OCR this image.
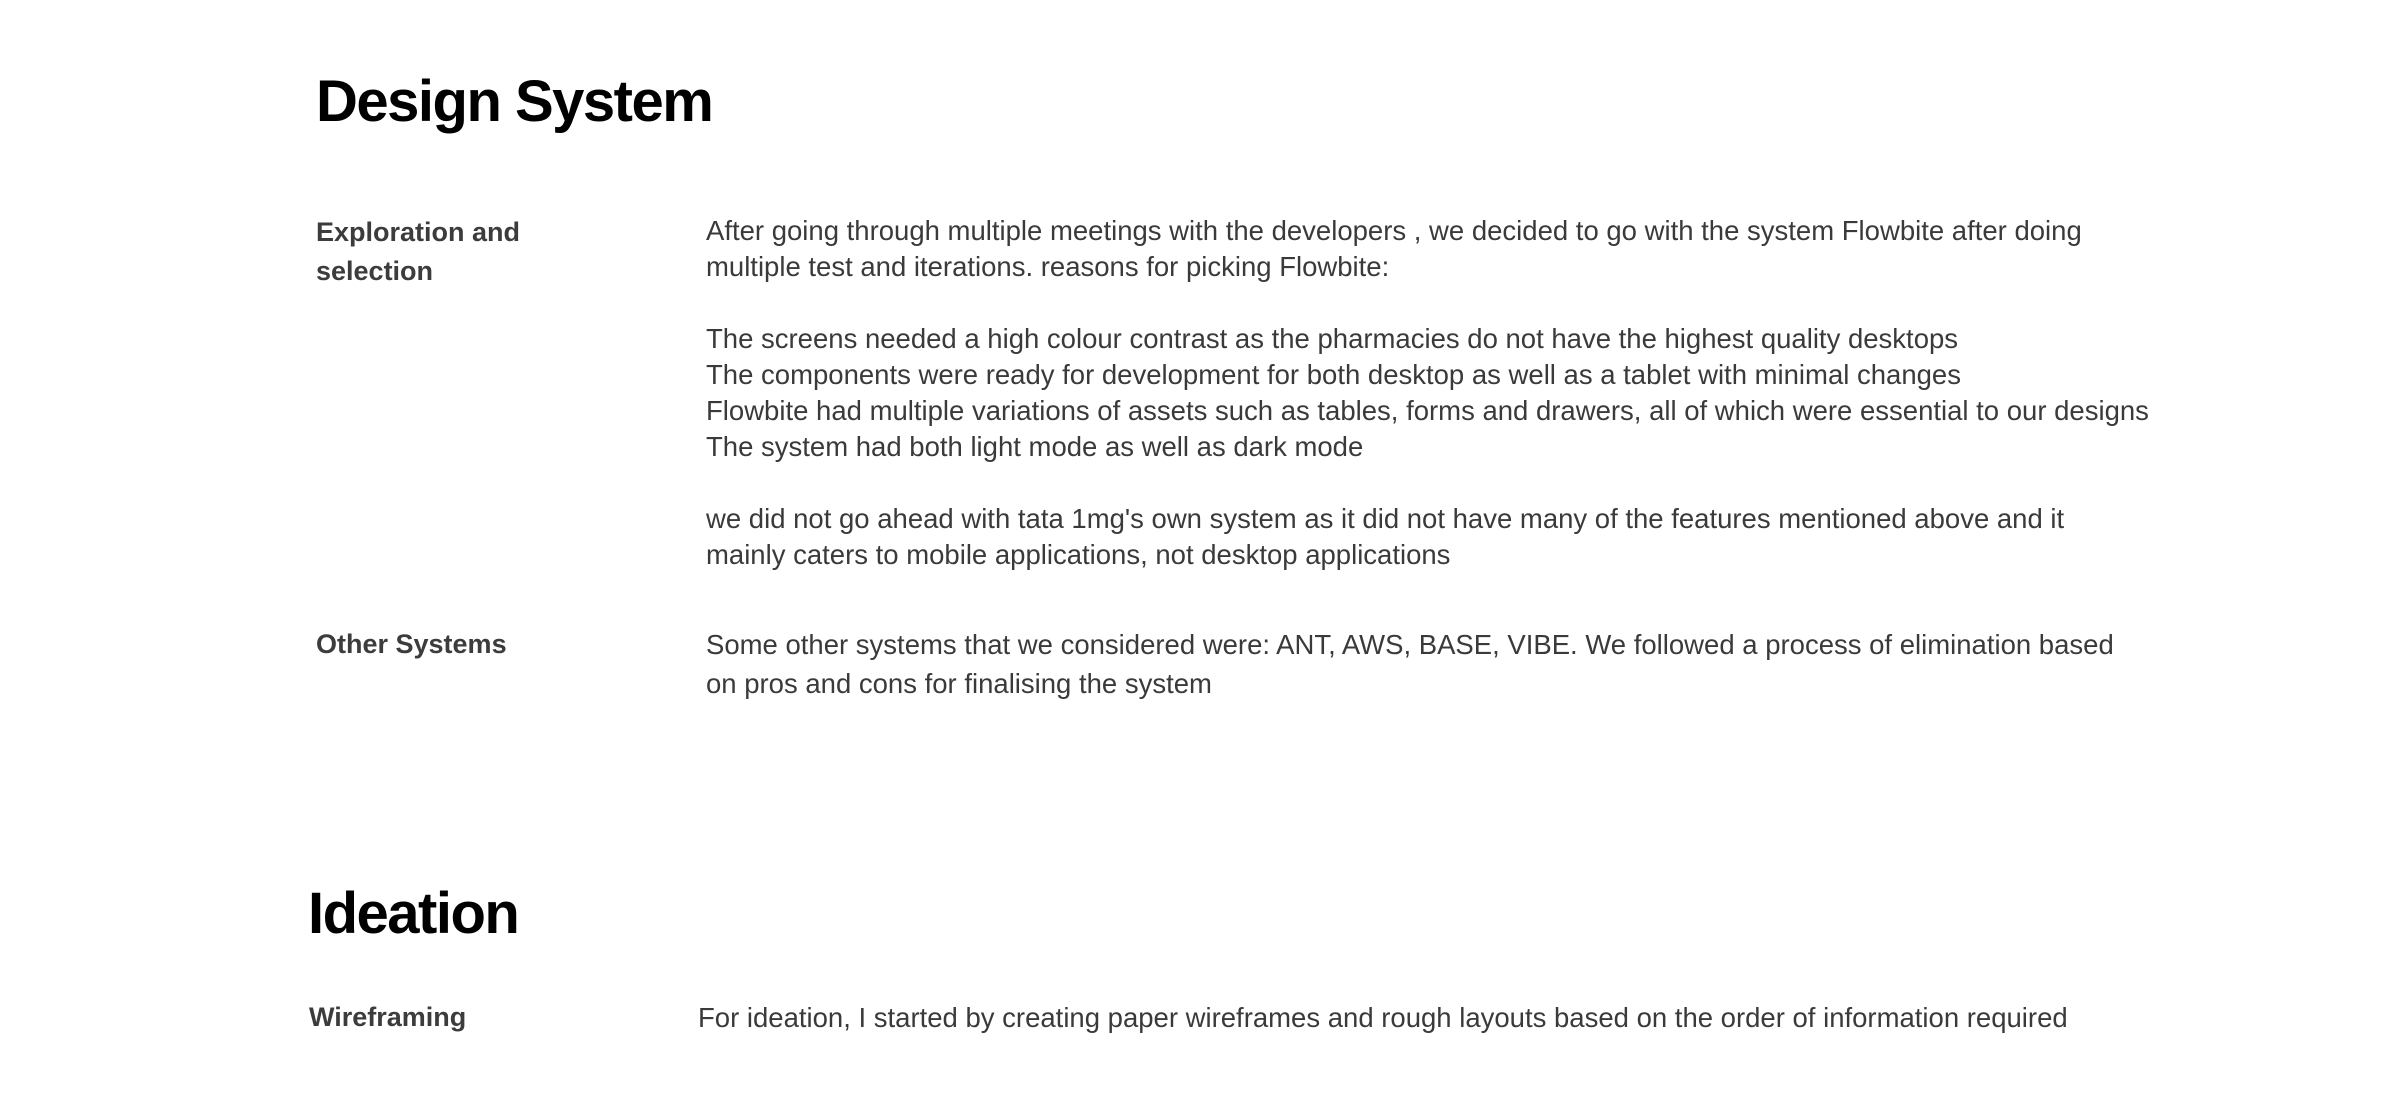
Design System
Exploration and selection

After going through multiple meetings with the developers , we decided to go with the system Flowbite after doing multiple test and iterations. reasons for picking Flowbite:

The screens needed a high colour contrast as the pharmacies do not have the highest quality desktops

The components were ready for development for both desktop as well as a tablet with minimal changes

Flowbite had multiple variations of assets such as tables, forms and drawers, all of which were essential to our designs

The system had both light mode as well as dark mode

we did not go ahead with tata 1mg's own system as it did not have many of the features mentioned above and it mainly caters to mobile applications, not desktop applications

Other Systems	Some other systems that we considered were: ANT, AWS, BASE, VIBE. We followed a process of elimination based on pros and cons for finalising the system

Ideation
Wireframing	For ideation, I started by creating paper wireframes and rough layouts based on the order of information required
